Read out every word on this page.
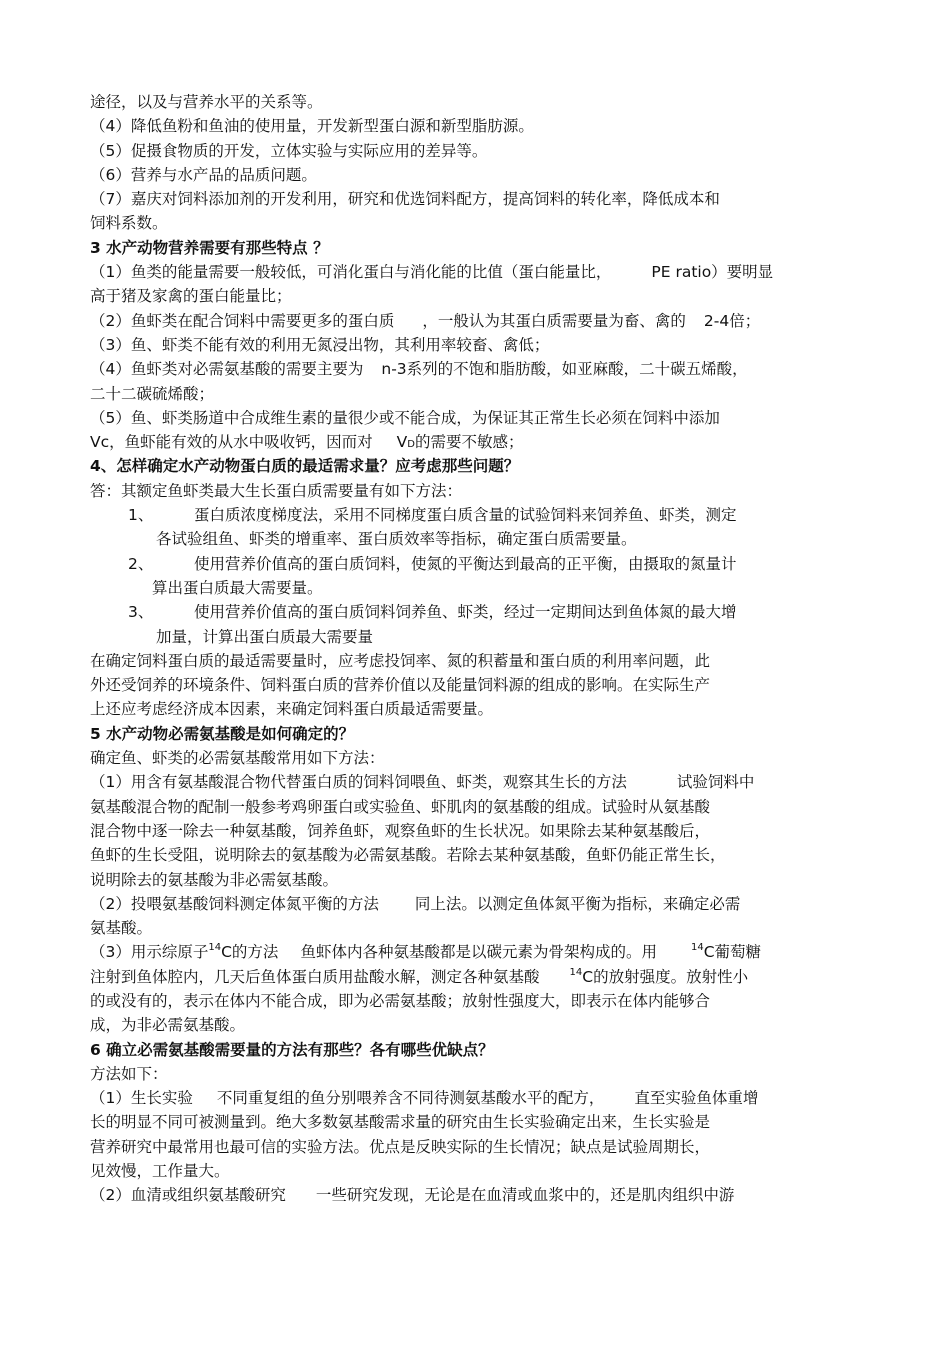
途径，以及与营养水平的关系等。
（4）降低鱼粉和鱼油的使用量，开发新型蛋白源和新型脂肪源。
（5）促摄食物质的开发，立体实验与实际应用的差异等。
（6）营养与水产品的品质问题。
（7）嘉庆对饲料添加剂的开发利用，研究和优选饲料配方，提高饲料的转化率，降低成本和
饲料系数。
3 水产动物营养需要有那些特点 ？
（1）鱼类的能量需要一般较低，可消化蛋白与消化能的比值（蛋白能量比，	PE ratio）要明显
高于猪及家禽的蛋白能量比；
（2）鱼虾类在配合饲料中需要更多的蛋白质 ，一般认为其蛋白质需要量为畜、禽的 2-4倍；
（3）鱼、虾类不能有效的利用无氮浸出物，其利用率较畜、禽低；
（4）鱼虾类对必需氨基酸的需要主要为 n-3系列的不饱和脂肪酸，如亚麻酸，二十碳五烯酸，
二十二碳硫烯酸；
（5）鱼、虾类肠道中合成维生素的量很少或不能合成，为保证其正常生长必须在饲料中添加
Vc，鱼虾能有效的从水中吸收钙，因而对 VD的需要不敏感；
4、怎样确定水产动物蛋白质的最适需求量？应考虑那些问题？
答：其额定鱼虾类最大生长蛋白质需要量有如下方法：
1、	蛋白质浓度梯度法，采用不同梯度蛋白质含量的试验饲料来饲养鱼、虾类，测定
各试验组鱼、虾类的增重率、蛋白质效率等指标，确定蛋白质需要量。
2、	使用营养价值高的蛋白质饲料，使氮的平衡达到最高的正平衡，由摄取的氮量计
算出蛋白质最大需要量。
3、	使用营养价值高的蛋白质饲料饲养鱼、虾类，经过一定期间达到鱼体氮的最大增
加量，计算出蛋白质最大需要量
在确定饲料蛋白质的最适需要量时，应考虑投饲率、氮的积蓄量和蛋白质的利用率问题，此
外还受饲养的环境条件、饲料蛋白质的营养价值以及能量饲料源的组成的影响。在实际生产
上还应考虑经济成本因素，来确定饲料蛋白质最适需要量。
5 水产动物必需氨基酸是如何确定的？
确定鱼、虾类的必需氨基酸常用如下方法：
（1）用含有氨基酸混合物代替蛋白质的饲料饲喂鱼、虾类，观察其生长的方法	试验饲料中
氨基酸混合物的配制一般参考鸡卵蛋白或实验鱼、虾肌肉的氨基酸的组成。试验时从氨基酸
混合物中逐一除去一种氨基酸，饲养鱼虾，观察鱼虾的生长状况。如果除去某种氨基酸后，
鱼虾的生长受阻，说明除去的氨基酸为必需氨基酸。若除去某种氨基酸，鱼虾仍能正常生长，
说明除去的氨基酸为非必需氨基酸。
（2）投喂氨基酸饲料测定体氮平衡的方法 同上法。以测定鱼体氮平衡为指标，来确定必需
氨基酸。
（3）用示综原子$^{14}$C的方法 鱼虾体内各种氨基酸都是以碳元素为骨架构成的。用	$^{14}$C葡萄糖
注射到鱼体腔内，几天后鱼体蛋白质用盐酸水解，测定各种氨基酸	$^{14}$C的放射强度。放射性小
的或没有的，表示在体内不能合成，即为必需氨基酸；放射性强度大，即表示在体内能够合
成，为非必需氨基酸。
6 确立必需氨基酸需要量的方法有那些？各有哪些优缺点？
方法如下：
（1）生长实验 不同重复组的鱼分别喂养含不同待测氨基酸水平的配方， 直至实验鱼体重增
长的明显不同可被测量到。绝大多数氨基酸需求量的研究由生长实验确定出来，生长实验是
营养研究中最常用也最可信的实验方法。优点是反映实际的生长情况；缺点是试验周期长，
见效慢，工作量大。
（2）血清或组织氨基酸研究 一些研究发现，无论是在血清或血浆中的，还是肌肉组织中游
